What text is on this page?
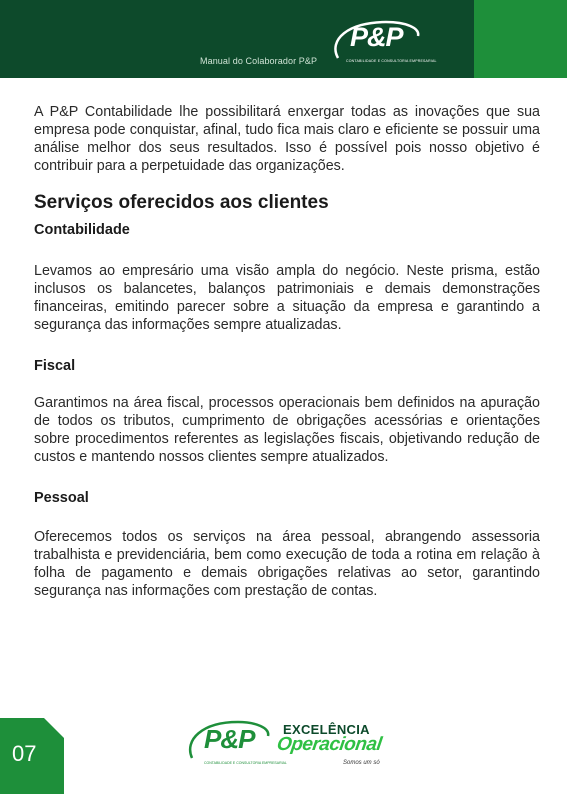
Manual do Colaborador P&P
P&P
CONTABILIDADE E CONSULTORIA EMPRESARIAL

A P&P Contabilidade lhe possibilitará enxergar todas as inovações que sua empresa pode conquistar, afinal, tudo fica mais claro e eficiente se possuir uma análise melhor dos seus resultados. Isso é possível pois nosso objetivo é contribuir para a perpetuidade das organizações.

Serviços oferecidos aos clientes
Contabilidade

Levamos ao empresário uma visão ampla do negócio. Neste prisma, estão inclusos os balancetes, balanços patrimoniais e demais demonstrações financeiras, emitindo parecer sobre a situação da empresa e garantindo a segurança das informações sempre atualizadas.

Fiscal

Garantimos na área fiscal, processos operacionais bem definidos na apuração de todos os tributos, cumprimento de obrigações acessórias e orientações sobre procedimentos referentes as legislações fiscais, objetivando redução de custos e mantendo nossos clientes sempre atualizados.

Pessoal

Oferecemos todos os serviços na área pessoal, abrangendo assessoria trabalhista e previdenciária, bem como execução de toda a rotina em relação à folha de pagamento e demais obrigações relativas ao setor, garantindo segurança nas informações com prestação de contas.

07	P&P
CONTABILIDADE E CONSULTORIA EMPRESARIAL
EXCELÊNCIA
Operacional
Somos um só
